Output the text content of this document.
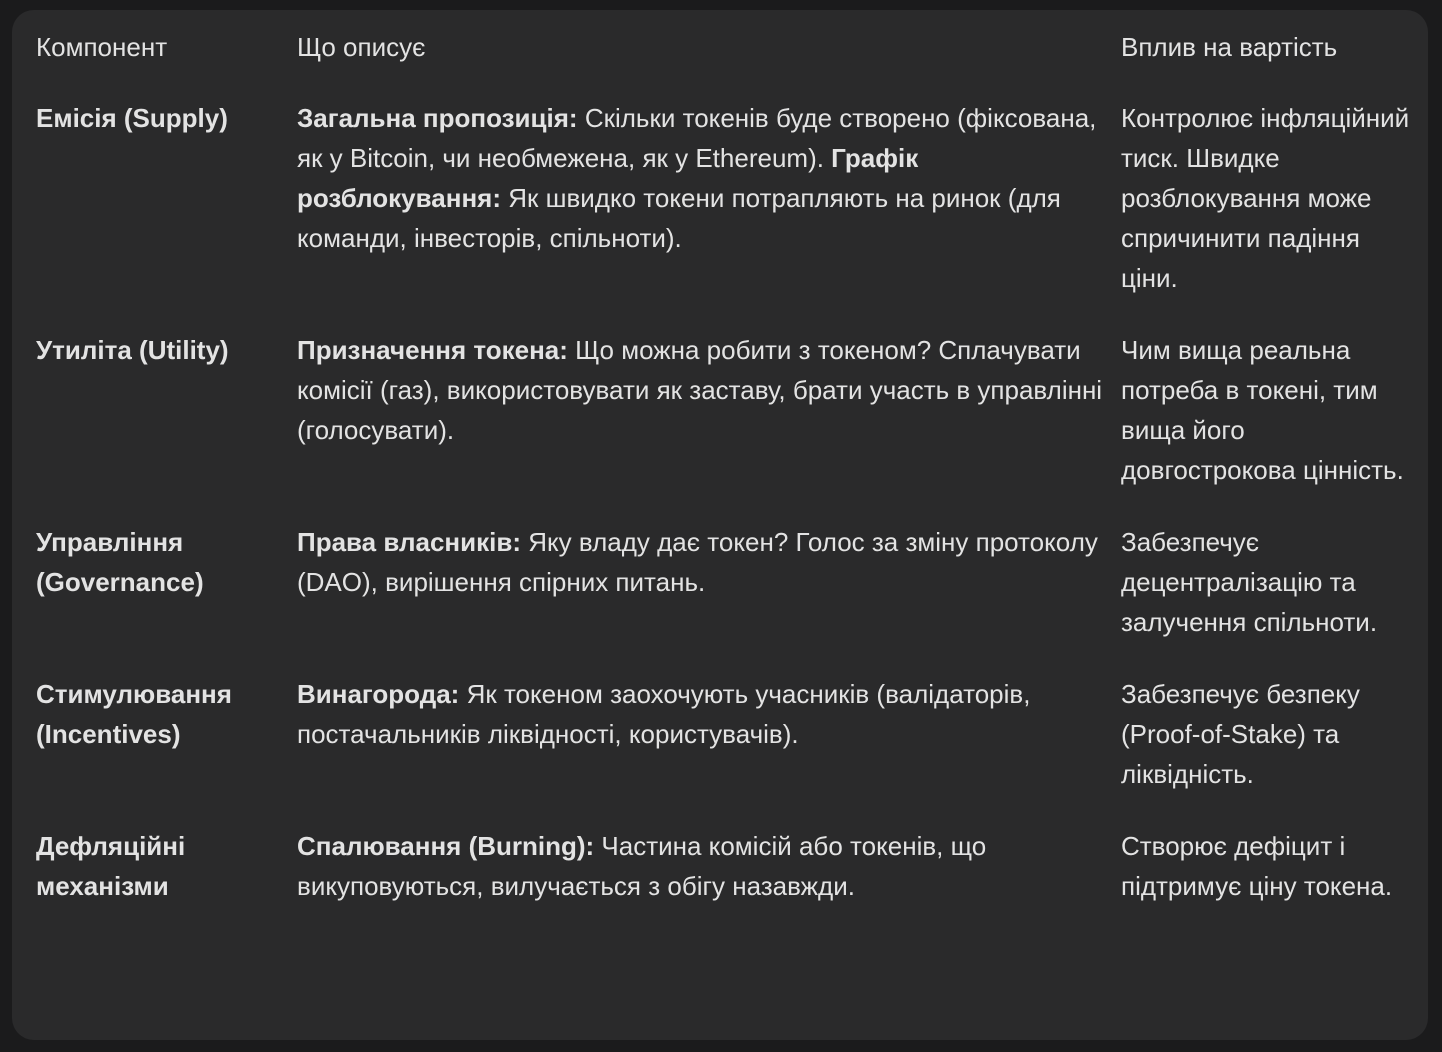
Компонент	Що описує	Вплив на вартість
Емісія (Supply)	Загальна пропозиція: Скільки токенів буде створено (фіксована, як у Bitcoin, чи необмежена, як у Ethereum). Графік розблокування: Як швидко токени потрапляють на ринок (для команди, інвесторів, спільноти).	Контролює інфляційний тиск. Швидке розблокування може спричинити падіння ціни.
Утиліта (Utility)	Призначення токена: Що можна робити з токеном? Сплачувати комісії (газ), використовувати як заставу, брати участь в управлінні (голосувати).	Чим вища реальна потреба в токені, тим вища його довгострокова цінність.
Управління (Governance)	Права власників: Яку владу дає токен? Голос за зміну протоколу (DAO), вирішення спірних питань.	Забезпечує децентралізацію та залучення спільноти.
Стимулювання (Incentives)	Винагорода: Як токеном заохочують учасників (валідаторів, постачальників ліквідності, користувачів).	Забезпечує безпеку (Proof-of-Stake) та ліквідність.
Дефляційні механізми	Спалювання (Burning): Частина комісій або токенів, що викуповуються, вилучається з обігу назавжди.	Створює дефіцит і підтримує ціну токена.
